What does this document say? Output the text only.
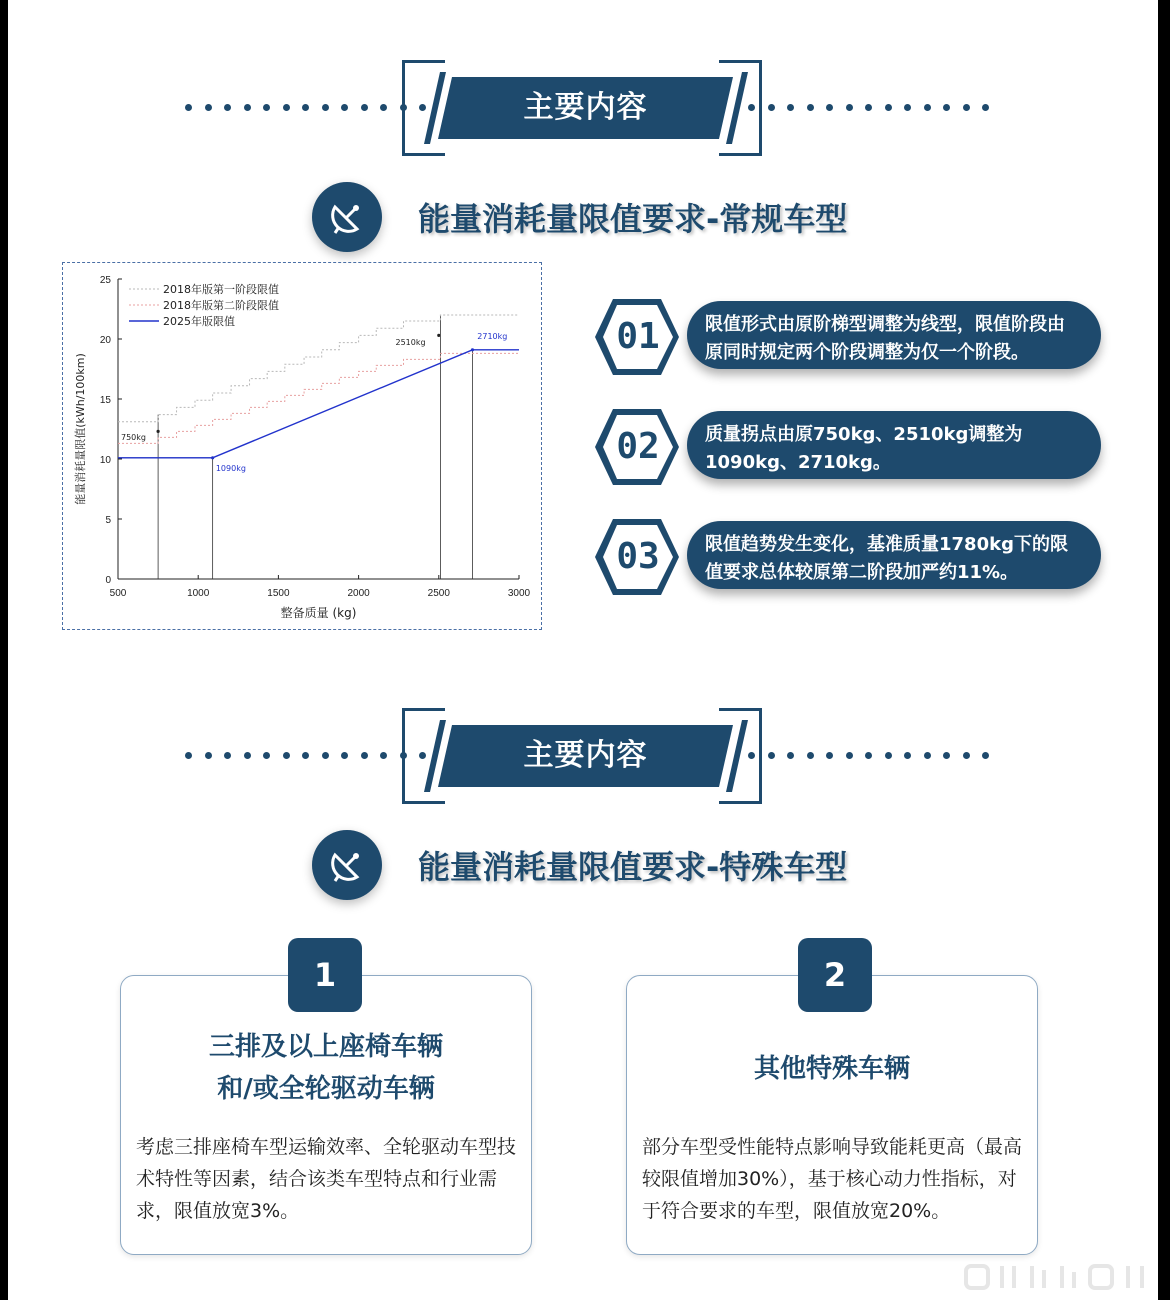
主要内容
能量消耗量限值要求-常规车型
500	1000	1500	2000	2500	3000
0
5
10
15
20
25
整备质量 (kg)
能量消耗量限值(kWh/100km)
2018年版第一阶段限值
2018年版第二阶段限值
2025年版限值
750kg
1090kg
2510kg
2710kg	01	限值形式由原阶梯型调整为线型，限值阶段由原同时规定两个阶段调整为仅一个阶段。
02	质量拐点由原750kg、2510kg调整为1090kg、2710kg。
03	限值趋势发生变化，基准质量1780kg下的限值要求总体较原第二阶段加严约11%。
主要内容
能量消耗量限值要求-特殊车型
三排及以上座椅车辆
和/或全轮驱动车辆
考虑三排座椅车型运输效率、全轮驱动车型技术特性等因素，结合该类车型特点和行业需求，限值放宽3%。
1
其他特殊车辆
部分车型受性能特点影响导致能耗更高（最高较限值增加30%），基于核心动力性指标，对于符合要求的车型，限值放宽20%。
2
